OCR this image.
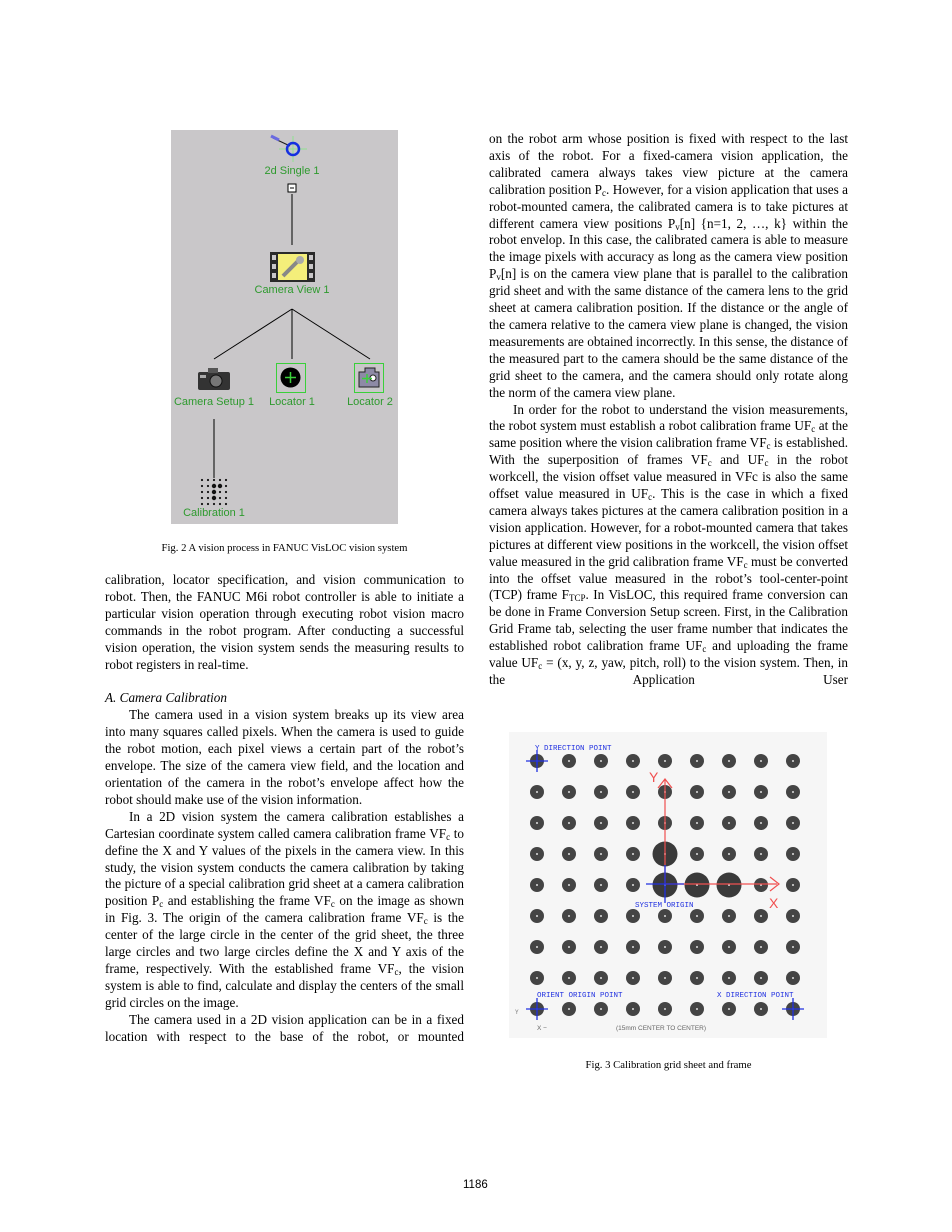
2d Single 1
Camera View 1
Camera Setup 1 Locator 1	Locator 2
Calibration 1
Fig. 2 A vision process in FANUC VisLOC vision system

calibration, locator specification, and vision communication to robot. Then, the FANUC M6i robot controller is able to initiate a particular vision operation through executing robot vision macro commands in the robot program. After conducting a successful vision operation, the vision system sends the measuring results to robot registers in real-time.

A. Camera Calibration

The camera used in a vision system breaks up its view area into many squares called pixels. When the camera is used to guide the robot motion, each pixel views a certain part of the robot’s envelope. The size of the camera view field, and the location and orientation of the camera in the robot’s envelope affect how the robot should make use of the vision information.

In a 2D vision system the camera calibration establishes a Cartesian coordinate system called camera calibration frame $VF_c$ to define the X and Y values of the pixels in the camera view. In this study, the vision system conducts the camera calibration by taking the picture of a special calibration grid sheet at a camera calibration position $P_c$ and establishing the frame $VF_c$ on the image as shown in Fig. 3. The origin of the camera calibration frame $VF_c$ is the center of the large circle in the center of the grid sheet, the three large circles and two large circles define the X and Y axis of the frame, respectively. With the established frame $VF_c$, the vision system is able to find, calculate and display the centers of the small grid circles on the image.

The camera used in a 2D vision application can be in a fixed location with respect to the base of the robot, or mounted

on the robot arm whose position is fixed with respect to the last axis of the robot. For a fixed-camera vision application, the calibrated camera always takes view picture at the camera calibration position $P_c$. However, for a vision application that uses a robot-mounted camera, the calibrated camera is to take pictures at different camera view positions $P_v[n]$ {n=1, 2, …, k} within the robot envelop. In this case, the calibrated camera is able to measure the image pixels with accuracy as long as the camera view position $P_v[n]$ is on the camera view plane that is parallel to the calibration grid sheet and with the same distance of the camera lens to the grid sheet at camera calibration position. If the distance or the angle of the camera relative to the camera view plane is changed, the vision measurements are obtained incorrectly. In this sense, the distance of the measured part to the camera should be the same distance of the grid sheet to the camera, and the camera should only rotate along the norm of the camera view plane.

In order for the robot to understand the vision measurements, the robot system must establish a robot calibration frame $UF_c$ at the same position where the vision calibration frame $VF_c$ is established. With the superposition of frames $VF_c$ and $UF_c$ in the robot workcell, the vision offset value measured in VFc is also the same offset value measured in $UF_c$. This is the case in which a fixed camera always takes pictures at the camera calibration position in a vision application. However, for a robot-mounted camera that takes pictures at different view positions in the workcell, the vision offset value measured in the grid calibration frame $VF_c$ must be converted into the offset value measured in the robot’s tool-center-point (TCP) frame $F_{TCP}$. In VisLOC, this required frame conversion can be done in Frame Conversion Setup screen. First, in the Calibration Grid Frame tab, selecting the user frame number that indicates the established robot calibration frame $UF_c$ and uploading the frame value $UF_c = (x$, y, z, yaw, pitch, roll) to the vision system. Then, in the Application User

Y
X
Y DIRECTION POINT
SYSTEM ORIGIN
ORIENT ORIGIN POINT	X DIRECTION POINT
Y
X −	(15mm CENTER TO CENTER)
Fig. 3 Calibration grid sheet and frame
1186
